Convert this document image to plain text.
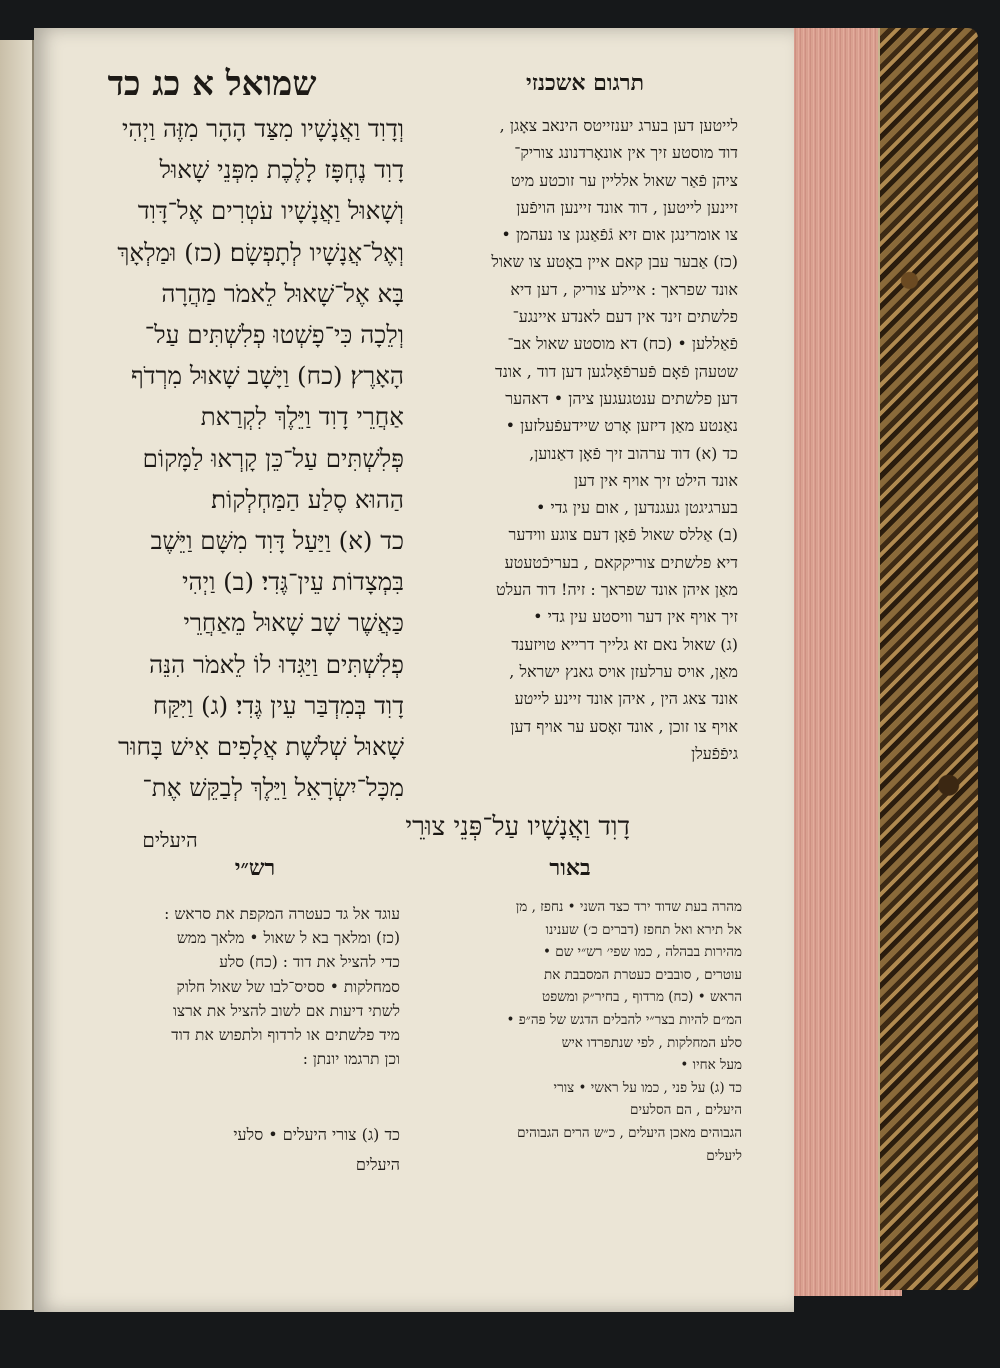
שמואל א כג כד	תרגום אשכנזי
וְדָוִד וַאֲנָשָׁיו מִצַּד הָהָר מִזֶּה וַיְהִי
דָוִד נֶחְפָּז לָלֶכֶת מִפְּנֵי שָׁאוּל
וְשָׁאוּל וַאֲנָשָׁיו עֹטְרִים אֶל־דָּוִד
וְאֶל־אֲנָשָׁיו לְתָפְשָׂם׃ (כז) וּמַלְאָךְ
בָּא אֶל־שָׁאוּל לֵאמֹר מַהֲרָה
וְלֵכָה כִּי־פָשְׁטוּ פְלִשְׁתִּים עַל־
הָאָרֶץ׃ (כח) וַיָּשָׁב שָׁאוּל מִרְדֹף
אַחֲרֵי דָוִד וַיֵּלֶךְ לִקְרַאת
פְּלִשְׁתִּים עַל־כֵּן קָרְאוּ לַמָּקוֹם
הַהוּא סֶלַע הַמַּחְלְקוֹת׃
כד (א) וַיַּעַל דָּוִד מִשָּׁם וַיֵּשֶׁב
בִּמְצָדוֹת עֵין־גֶּדִי׃ (ב) וַיְהִי
כַּאֲשֶׁר שָׁב שָׁאוּל מֵאַחֲרֵי
פְלִשְׁתִּים וַיַּגִּדוּ לוֹ לֵאמֹר הִנֵּה
דָוִד בְּמִדְבַּר עֵין גֶּדִי׃ (ג) וַיִּקַּח
שָׁאוּל שְׁלֹשֶׁת אֲלָפִים אִישׁ בָּחוּר
מִכָּל־יִשְׂרָאֵל וַיֵּלֶךְ לְבַקֵּשׁ אֶת־
לייטען דען בערג יענזייטס הינאב צאָגן ,
דוד מוסטע זיך אין אונאָרדנונג צוריק־
ציהן פֿאַר שאול אלליין ער זוכטע מיט
זיינען לייטען , דוד אונד זיינען הויפֿען
צו אומרינגן אום זיא גֿפֿאַנגן צו נעהמן •
(כז) אַבער עבן קאם איין באָטע צו שאול
אונד שפראך : איילע צוריק , דען דיא
פלשתים זינד אין דעם לאנדע איינגע־
פֿאַללען • (כח) דא מוסטע שאול אב־
שטעהן פֿאָם פֿערפֿאָלגען דען דוד , אונד
דען פלשתים ענטגעגען ציהן • דאהער
נאַנטע מאַן דיזען אָרט שיידעפֿעלזען •
כד (א) דוד ערהוב זיך פֿאָן דאַנוען,
אונד הילט זיך אויף אין דען
בערגיגטן געגנדען , אום עין גדי •
(ב) אַללס שאול פֿאָן דעם צוגע ווידער
דיא פלשתים צוריקקאם , בעריכֿטעטע
מאַן איהן אונד שפראך : זיה! דוד העלט
זיך אויף אין דער וויסטע עין גדי •
(ג) שאול נאם זא גלייך דרייא טויזענד
מאַן, אויס ערלעזן אויס גאנץ ישראל ,
אונד צאג הין , איהן אונד זיינע לייטע
אויף צו זוכן , אונד זאָסע ער אויף דען
גיפֿפֿעלן
דָוִד וַאֲנָשָׁיו עַל־פְּנֵי צוּרֵי
היעלים
רש״י	באור
עוגד אל גד כעטרה המקפת את סראש :
(כז) ומלאך בא ל שאול • מלאך ממש
כדי להציל את דוד : (כח) סלע
סמחלקות • ססיס־לבו של שאול חלוק
לשתי דיעות אם לשוב להציל את ארצו
מיד פלשתים או לרדוף ולתפוש את דוד
וכן תרגמו יונתן :
כד (ג) צורי היעלים • סלעי
היעלים
מהרה בעת שדוד ירד כצד השני • נחפז , מן
אל תירא ואל תחפז (דברים כ׳) שענינו
מהירות בבהלה , כמו שפי׳ רש״י שם •
עוטרים , סובבים כעטרת המסבבת את
הראש • (כח) מרדוף , בחיר״ק ומשפט
המ״ם להיות בצר״י להבלים הדגש של פה״פ •
סלע המחלקות , לפי שנתפרדו איש
מעל אחיו •
כד (ג) על פני , כמו על ראשי • צורי
היעלים , הם הסלעים
הגבוהים מאכן היעלים , כ״ש הרים הגבוהים
ליעלים
